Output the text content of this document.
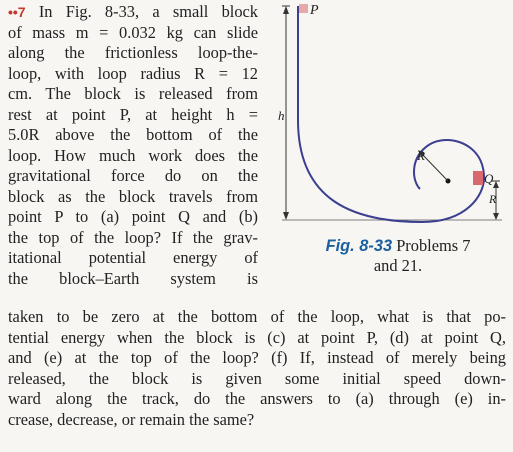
••7 In Fig. 8-33, a small block
of mass m = 0.032 kg can slide
along the frictionless loop-the-
loop, with loop radius R = 12
cm. The block is released from
rest at point P, at height h =
5.0R above the bottom of the
loop. How much work does the
gravitational force do on the
block as the block travels from
point P to (a) point Q and (b)
the top of the loop? If the grav-
itational potential energy of
the block–Earth system is
P
h
R
Q
R
Fig. 8-33 Problems 7
and 21.
taken to be zero at the bottom of the loop, what is that po-
tential energy when the block is (c) at point P, (d) at point Q,
and (e) at the top of the loop? (f) If, instead of merely being
released, the block is given some initial speed down-
ward along the track, do the answers to (a) through (e) in-
crease, decrease, or remain the same?
